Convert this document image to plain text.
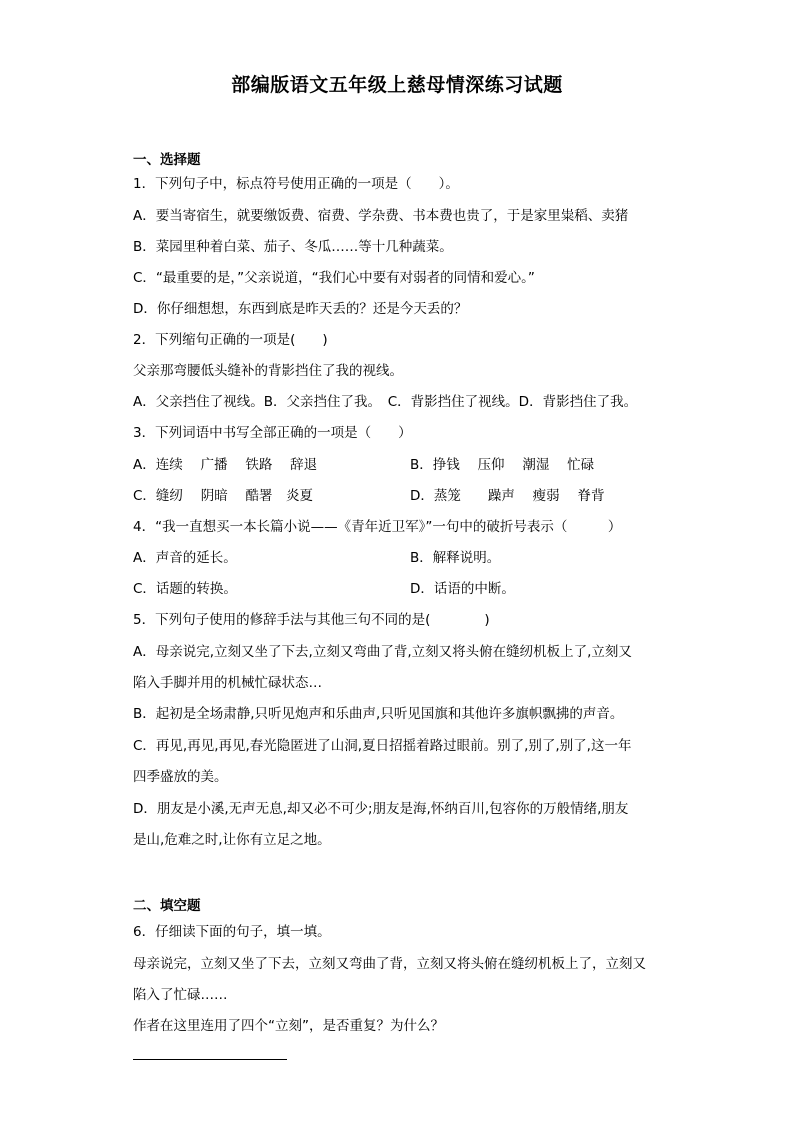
部编版语文五年级上慈母情深练习试题
一、选择题
1．下列句子中，标点符号使用正确的一项是（　　）。
A．要当寄宿生，就要缴饭费、宿费、学杂费、书本费也贵了，于是家里粜稻、卖猪
B．菜园里种着白菜、茄子、冬瓜……等十几种蔬菜。
C．“最重要的是，”父亲说道，“我们心中要有对弱者的同情和爱心。”
D．你仔细想想，东西到底是昨天丢的？还是今天丢的？
2．下列缩句正确的一项是(　　)
父亲那弯腰低头缝补的背影挡住了我的视线。
A．父亲挡住了视线。B．父亲挡住了我。　C．背影挡住了视线。D．背影挡住了我。
3．下列词语中书写全部正确的一项是（　　）
A．连续　 广播　 铁路　 辞退	B．挣钱　 压仰　 潮湿　 忙碌
C．缝纫　 阴暗　 酷署　炎夏	D．蒸笼　　躁声　 瘦弱　 脊背
4．“我一直想买一本长篇小说——《青年近卫军》”一句中的破折号表示（　　　）
A．声音的延长。	B．解释说明。
C．话题的转换。	D．话语的中断。
5．下列句子使用的修辞手法与其他三句不同的是(　　　　)
A．母亲说完,立刻又坐了下去,立刻又弯曲了背,立刻又将头俯在缝纫机板上了,立刻又
陷入手脚并用的机械忙碌状态…
B．起初是全场肃静,只听见炮声和乐曲声,只听见国旗和其他许多旗帜飘拂的声音。
C．再见,再见,再见,春光隐匿进了山洞,夏日招摇着路过眼前。别了,别了,别了,这一年
四季盛放的美。
D．朋友是小溪,无声无息,却又必不可少;朋友是海,怀纳百川,包容你的万般情绪,朋友
是山,危难之时,让你有立足之地。
二、填空题
6．仔细读下面的句子，填一填。
母亲说完，立刻又坐了下去，立刻又弯曲了背，立刻又将头俯在缝纫机板上了，立刻又
陷入了忙碌……
作者在这里连用了四个“立刻”，是否重复？为什么？
